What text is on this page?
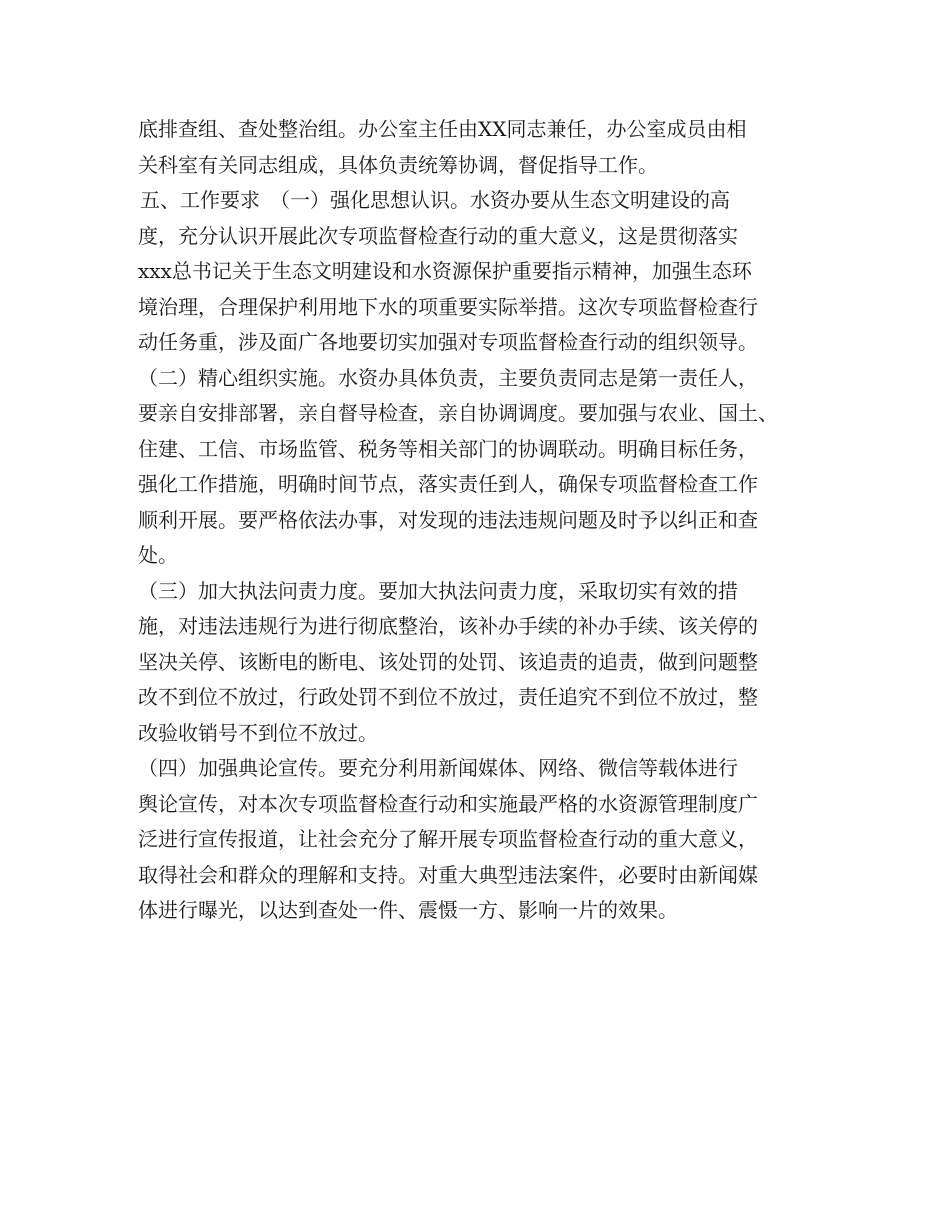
底排查组、查处整治组。办公室主任由XX同志兼任，办公室成员由相
关科室有关同志组成，具体负责统筹协调，督促指导工作。
五、工作要求　（一）强化思想认识。水资办要从生态文明建设的高
度，充分认识开展此次专项监督检查行动的重大意义，这是贯彻落实
xxx总书记关于生态文明建设和水资源保护重要指示精神，加强生态环
境治理，合理保护利用地下水的项重要实际举措。这次专项监督检查行
动任务重，涉及面广各地要切实加强对专项监督检查行动的组织领导。
（二）精心组织实施。水资办具体负责，主要负责同志是第一责任人，
要亲自安排部署，亲自督导检查，亲自协调调度。要加强与农业、国土、
住建、工信、市场监管、税务等相关部门的协调联动。明确目标任务，
强化工作措施，明确时间节点，落实责任到人，确保专项监督检查工作
顺利开展。要严格依法办事，对发现的违法违规问题及时予以纠正和查
处。
（三）加大执法问责力度。要加大执法问责力度，采取切实有效的措
施，对违法违规行为进行彻底整治，该补办手续的补办手续、该关停的
坚决关停、该断电的断电、该处罚的处罚、该追责的追责，做到问题整
改不到位不放过，行政处罚不到位不放过，责任追究不到位不放过，整
改验收销号不到位不放过。
（四）加强典论宣传。要充分利用新闻媒体、网络、微信等载体进行
舆论宣传，对本次专项监督检查行动和实施最严格的水资源管理制度广
泛进行宣传报道，让社会充分了解开展专项监督检查行动的重大意义，
取得社会和群众的理解和支持。对重大典型违法案件，必要时由新闻媒
体进行曝光，以达到查处一件、震慑一方、影响一片的效果。
